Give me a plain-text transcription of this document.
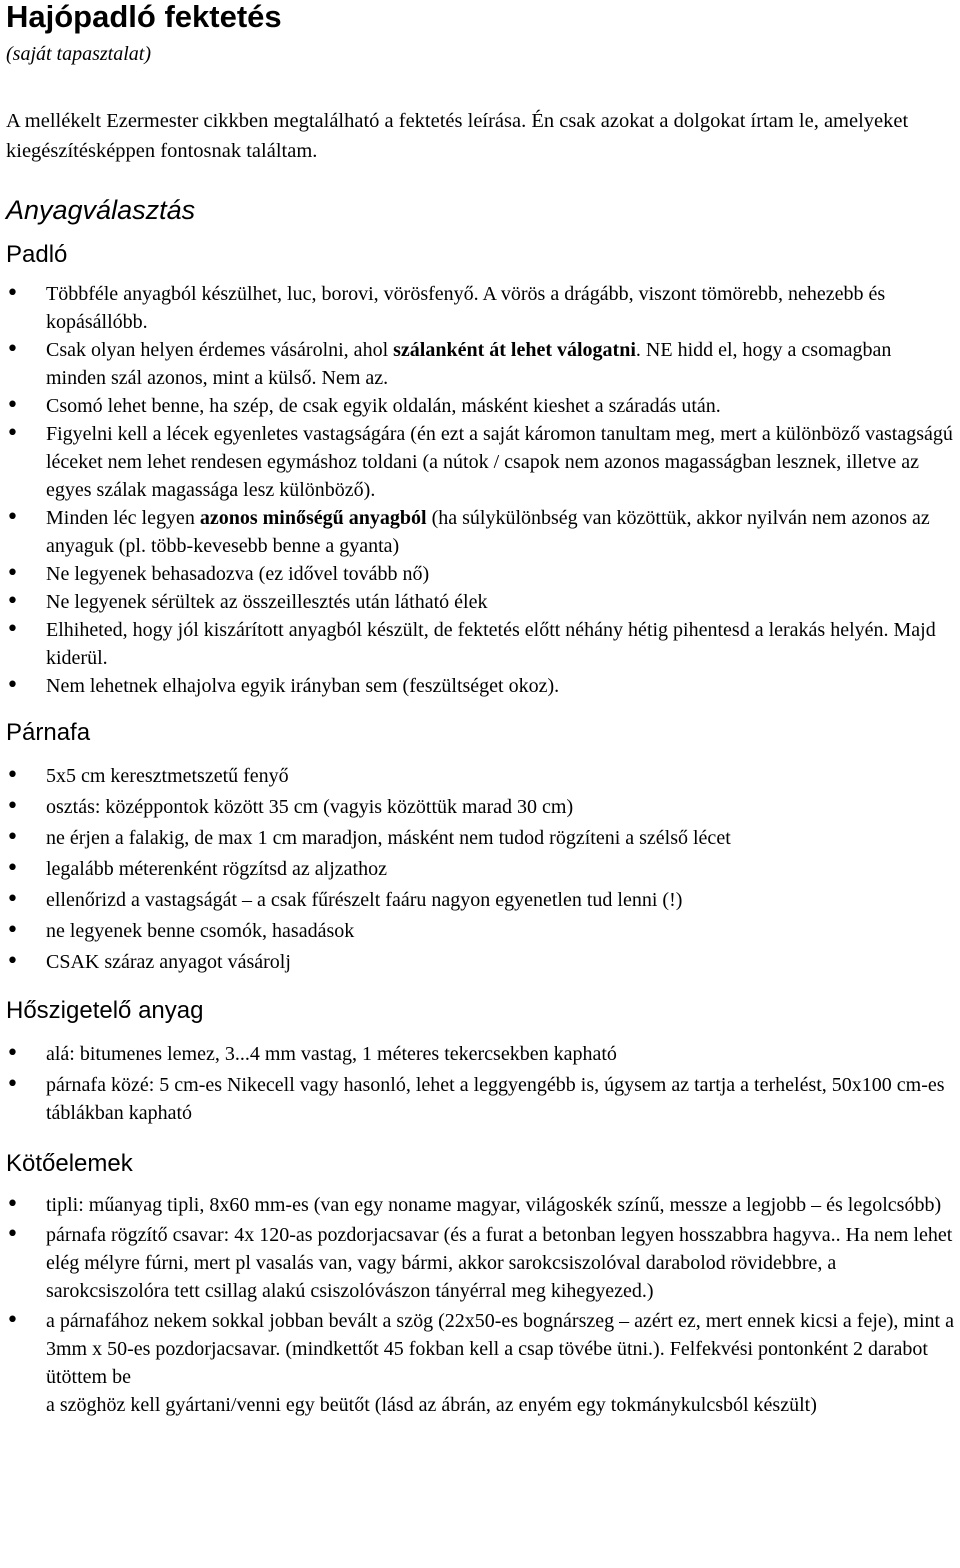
Hajópadló fektetés

(saját tapasztalat)

A mellékelt Ezermester cikkben megtalálható a fektetés leírása. Én csak azokat a dolgokat írtam le, amelyeket kiegészítésképpen fontosnak találtam.

Anyagválasztás
Padló
• Többféle anyagból készülhet, luc, borovi, vörösfenyő. A vörös a drágább, viszont tömörebb, nehezebb és kopásállóbb.
• Csak olyan helyen érdemes vásárolni, ahol szálanként át lehet válogatni. NE hidd el, hogy a csomagban minden szál azonos, mint a külső. Nem az.
• Csomó lehet benne, ha szép, de csak egyik oldalán, másként kieshet a száradás után.
• Figyelni kell a lécek egyenletes vastagságára (én ezt a saját káromon tanultam meg, mert a különböző vastagságú léceket nem lehet rendesen egymáshoz toldani (a nútok / csapok nem azonos magasságban lesznek, illetve az egyes szálak magassága lesz különböző).
• Minden léc legyen azonos minőségű anyagból (ha súlykülönbség van közöttük, akkor nyilván nem azonos az anyaguk (pl. több-kevesebb benne a gyanta)
• Ne legyenek behasadozva (ez idővel tovább nő)
• Ne legyenek sérültek az összeillesztés után látható élek
• Elhiheted, hogy jól kiszárított anyagból készült, de fektetés előtt néhány hétig pihentesd a lerakás helyén. Majd kiderül.
• Nem lehetnek elhajolva egyik irányban sem (feszültséget okoz).
Párnafa
• 5x5 cm keresztmetszetű fenyő
• osztás: középpontok között 35 cm (vagyis közöttük marad 30 cm)
• ne érjen a falakig, de max 1 cm maradjon, másként nem tudod rögzíteni a szélső lécet
• legalább méterenként rögzítsd az aljzathoz
• ellenőrizd a vastagságát – a csak fűrészelt faáru nagyon egyenetlen tud lenni (!)
• ne legyenek benne csomók, hasadások
• CSAK száraz anyagot vásárolj
Hőszigetelő anyag
• alá: bitumenes lemez, 3...4 mm vastag, 1 méteres tekercsekben kapható
• párnafa közé: 5 cm-es Nikecell vagy hasonló, lehet a leggyengébb is, úgysem az tartja a terhelést, 50x100 cm-es táblákban kapható
Kötőelemek
• tipli: műanyag tipli, 8x60 mm-es (van egy noname magyar, világoskék színű, messze a legjobb – és legolcsóbb)
• párnafa rögzítő csavar: 4x 120-as pozdorjacsavar (és a furat a betonban legyen hosszabbra hagyva.. Ha nem lehet elég mélyre fúrni, mert pl vasalás van, vagy bármi, akkor sarokcsiszolóval darabolod rövidebbre, a sarokcsiszolóra tett csillag alakú csiszolóvászon tányérral meg kihegyezed.)
• a párnafához nekem sokkal jobban bevált a szög (22x50-es bognárszeg – azért ez, mert ennek kicsi a feje), mint a 3mm x 50-es pozdorjacsavar. (mindkettőt 45 fokban kell a csap tövébe ütni.). Felfekvési pontonként 2 darabot ütöttem be

a szöghöz kell gyártani/venni egy beütőt (lásd az ábrán, az enyém egy tokmánykulcsból készült)
